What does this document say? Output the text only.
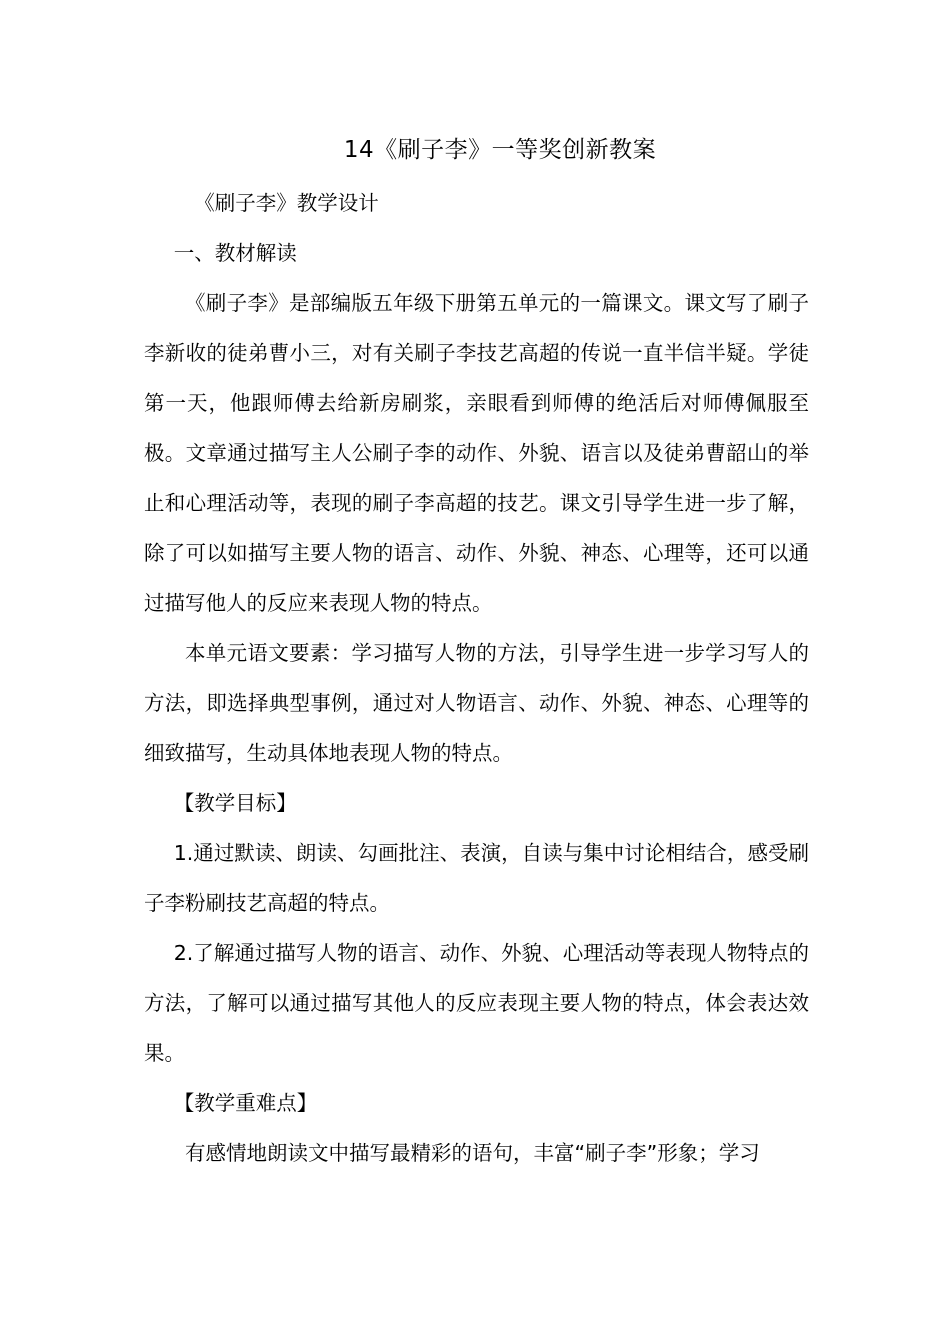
14《刷子李》一等奖创新教案

《刷子李》教学设计

一、教材解读

《刷子李》是部编版五年级下册第五单元的一篇课文。课文写了刷子李新收的徒弟曹小三，对有关刷子李技艺高超的传说一直半信半疑。学徒第一天，他跟师傅去给新房刷浆，亲眼看到师傅的绝活后对师傅佩服至极。文章通过描写主人公刷子李的动作、外貌、语言以及徒弟曹韶山的举止和心理活动等，表现的刷子李高超的技艺。课文引导学生进一步了解，除了可以如描写主要人物的语言、动作、外貌、神态、心理等，还可以通过描写他人的反应来表现人物的特点。

本单元语文要素：学习描写人物的方法，引导学生进一步学习写人的方法，即选择典型事例，通过对人物语言、动作、外貌、神态、心理等的细致描写，生动具体地表现人物的特点。

【教学目标】

1.通过默读、朗读、勾画批注、表演，自读与集中讨论相结合，感受刷子李粉刷技艺高超的特点。

2.了解通过描写人物的语言、动作、外貌、心理活动等表现人物特点的方法，了解可以通过描写其他人的反应表现主要人物的特点，体会表达效果。

【教学重难点】

有感情地朗读文中描写最精彩的语句，丰富“刷子李”形象；学习
